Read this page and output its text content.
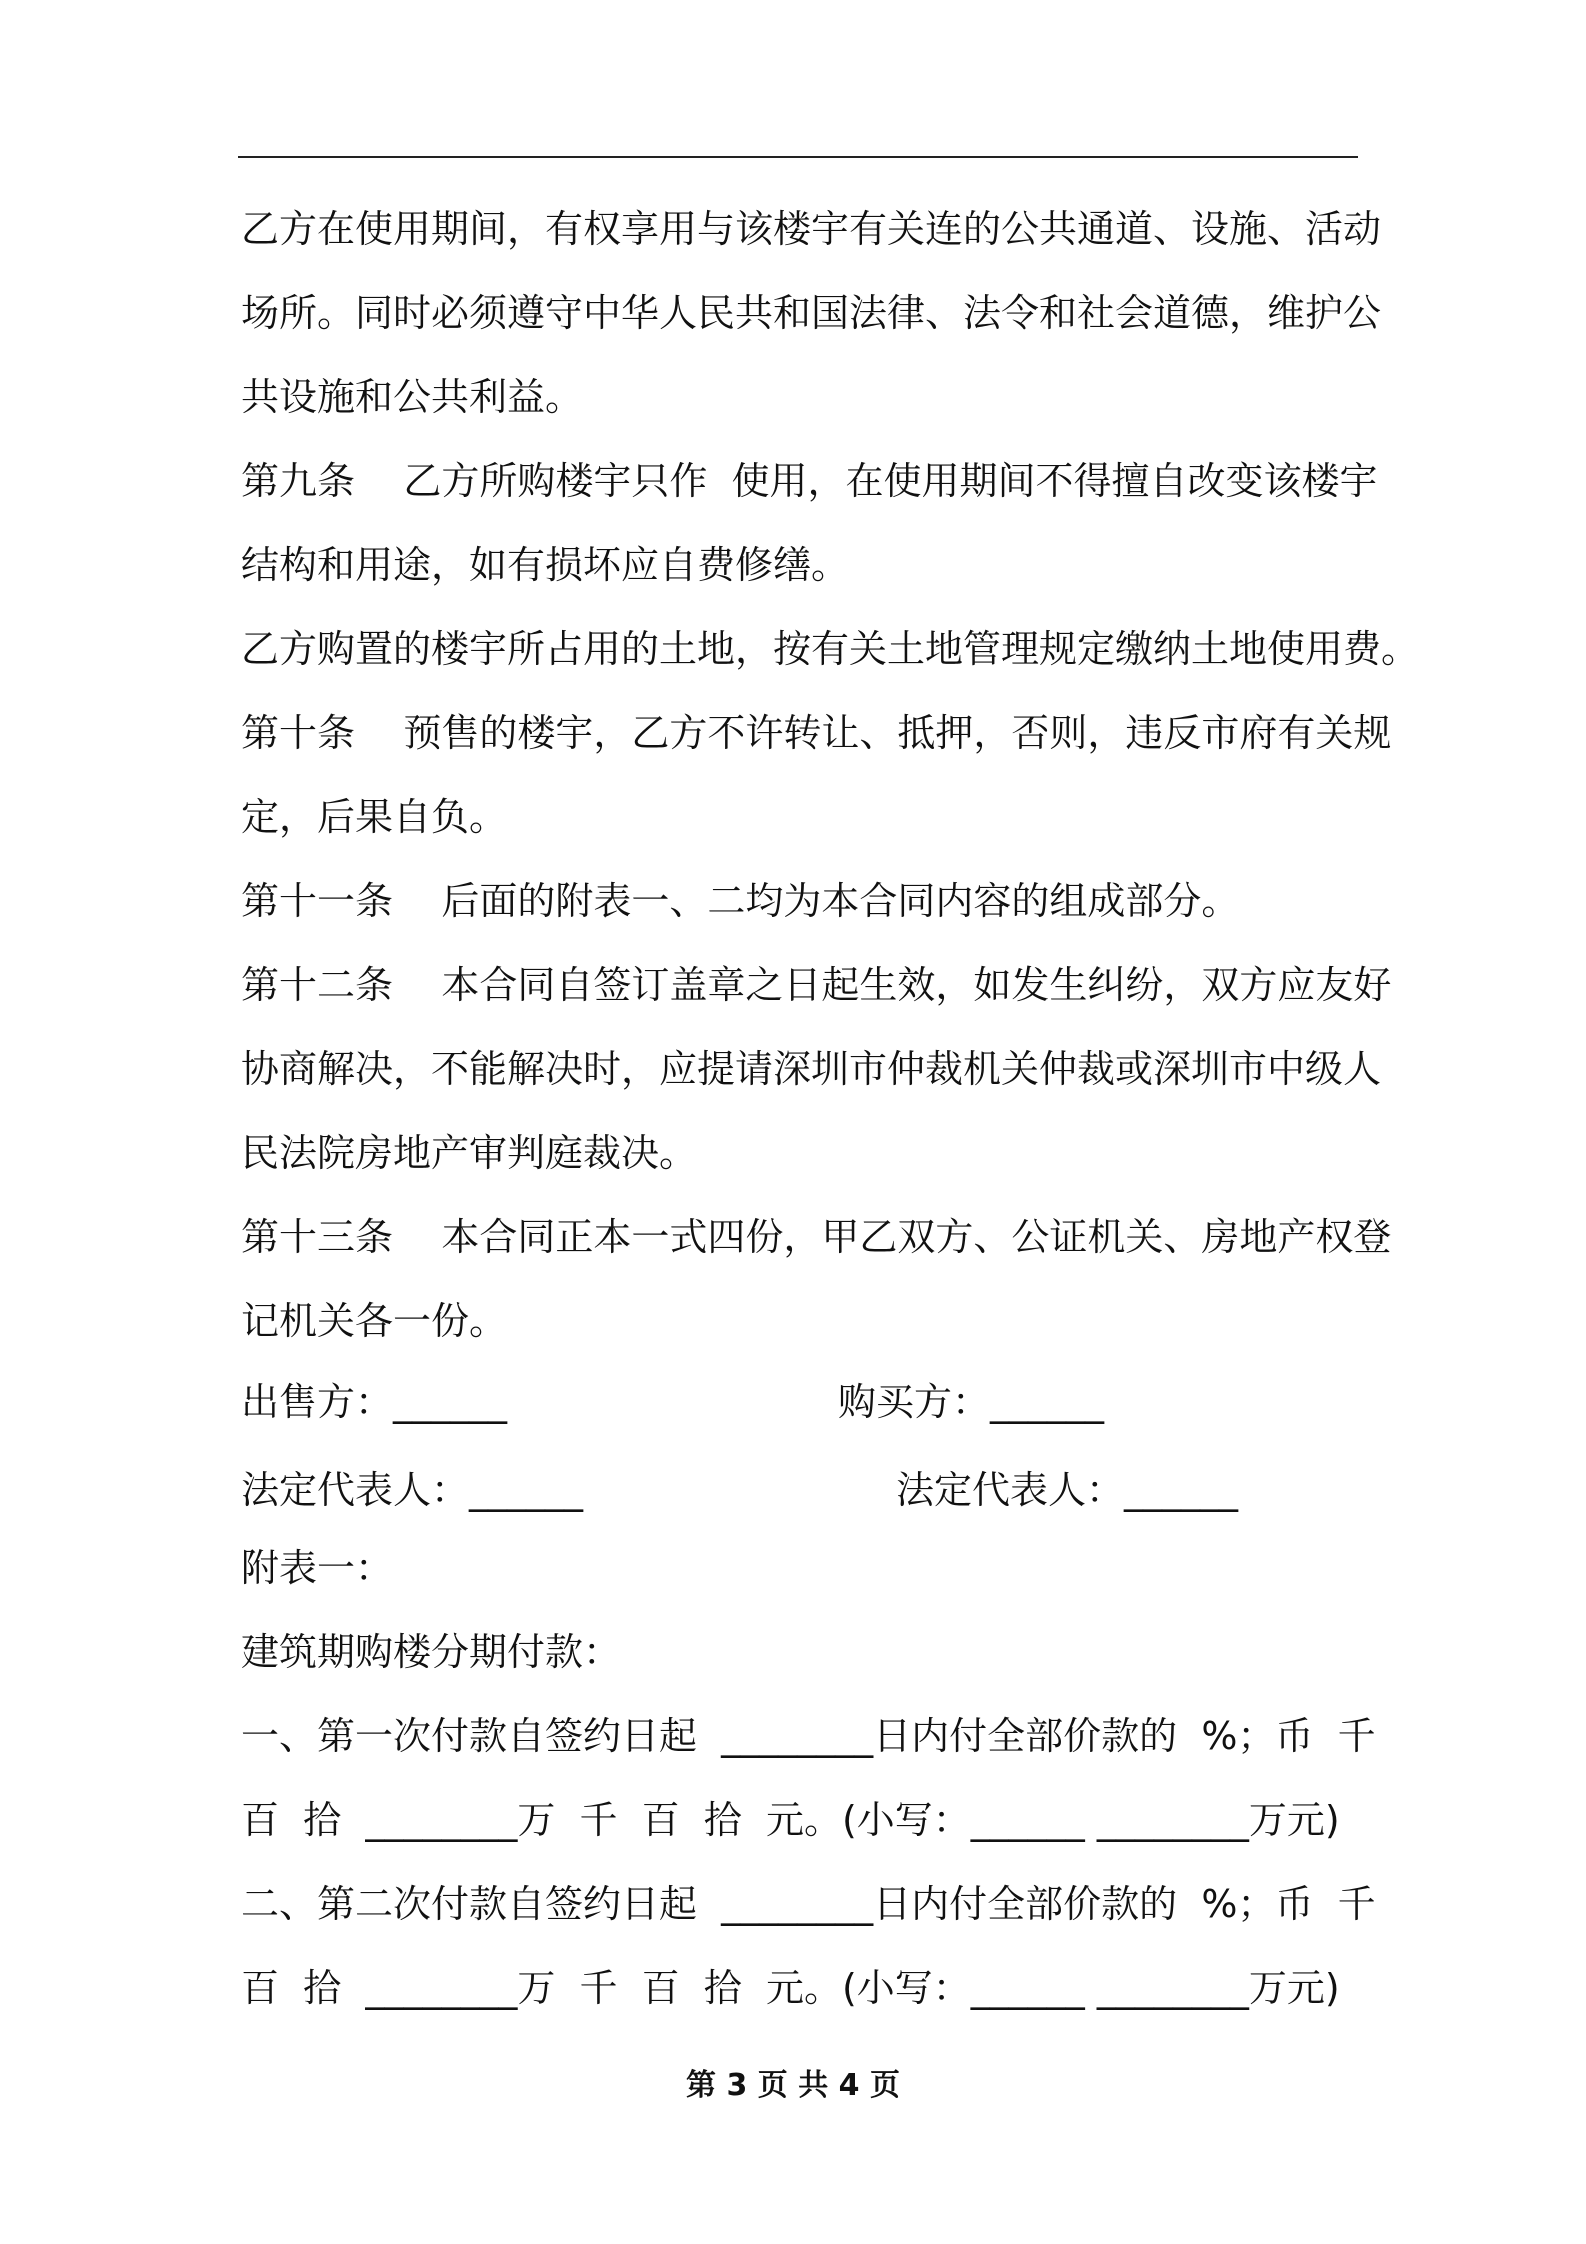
乙方在使用期间，有权享用与该楼宇有关连的公共通道、设施、活动
场所。同时必须遵守中华人民共和国法律、法令和社会道德，维护公
共设施和公共利益。
第九条    乙方所购楼宇只作  使用，在使用期间不得擅自改变该楼宇
结构和用途，如有损坏应自费修缮。
乙方购置的楼宇所占用的土地，按有关土地管理规定缴纳土地使用费。
第十条    预售的楼宇，乙方不许转让、抵押，否则，违反市府有关规
定，后果自负。
第十一条    后面的附表一、二均为本合同内容的组成部分。
第十二条    本合同自签订盖章之日起生效，如发生纠纷，双方应友好
协商解决，不能解决时，应提请深圳市仲裁机关仲裁或深圳市中级人
民法院房地产审判庭裁决。
第十三条    本合同正本一式四份，甲乙双方、公证机关、房地产权登
记机关各一份。
出售方：______	购买方：______
法定代表人：______	法定代表人：______
附表一：
建筑期购楼分期付款：
一、第一次付款自签约日起  ________日内付全部价款的  %；币  千
百  拾  ________万  千  百  拾  元。(小写：______ ________万元)
二、第二次付款自签约日起  ________日内付全部价款的  %；币  千
百  拾  ________万  千  百  拾  元。(小写：______ ________万元)
第 3 页 共 4 页
